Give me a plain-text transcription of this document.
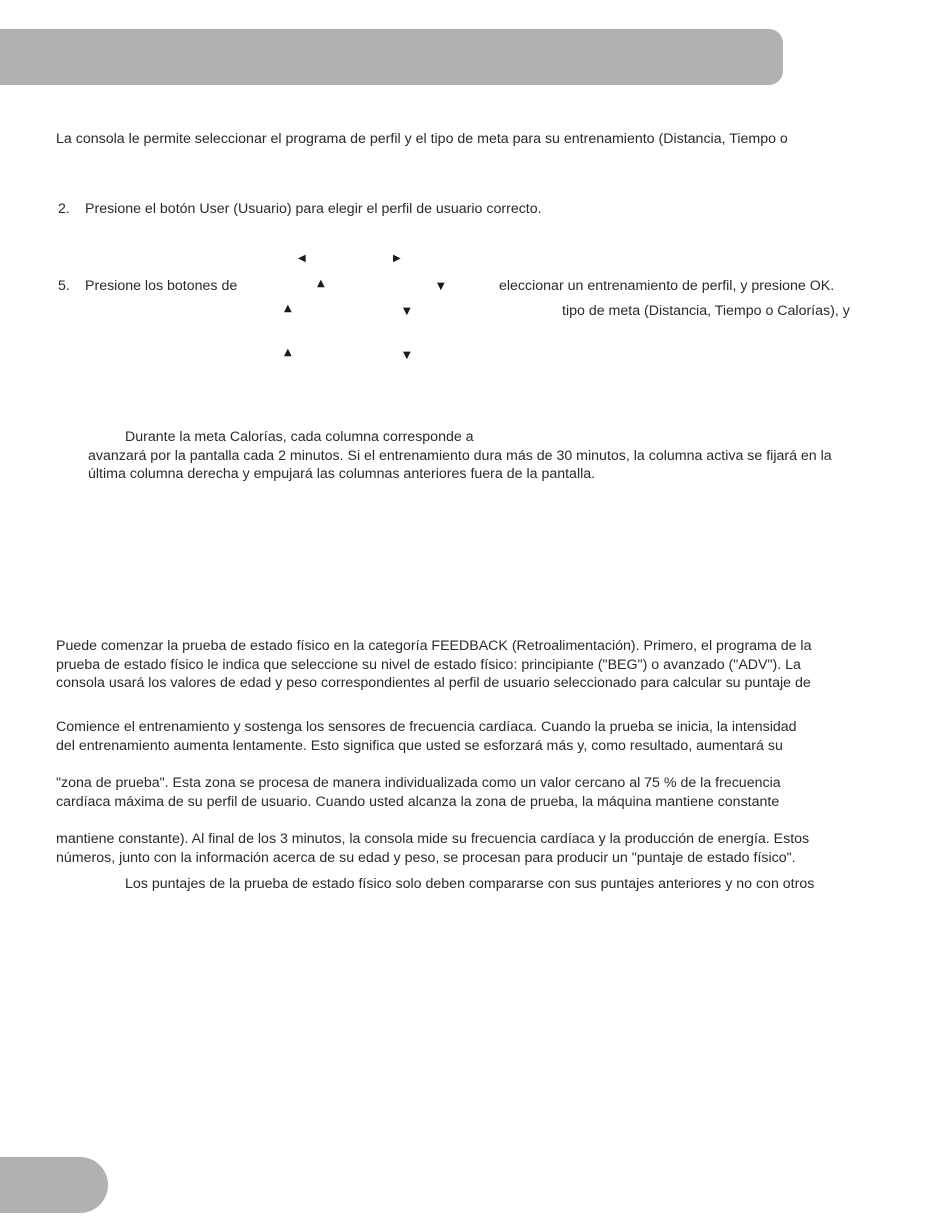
La consola le permite seleccionar el programa de perfil y el tipo de meta para su entrenamiento (Distancia, Tiempo o
2. Presione el botón User (Usuario) para elegir el perfil de usuario correcto.
◀	▶
5. Presione los botones de	▲	▼	eleccionar un entrenamiento de perfil, y presione OK.
▲	▼	tipo de meta (Distancia, Tiempo o Calorías), y
▲	▼
Durante la meta Calorías, cada columna corresponde a
avanzará por la pantalla cada 2 minutos. Si el entrenamiento dura más de 30 minutos, la columna activa se fijará en la
última columna derecha y empujará las columnas anteriores fuera de la pantalla.
Puede comenzar la prueba de estado físico en la categoría FEEDBACK (Retroalimentación). Primero, el programa de la
prueba de estado físico le indica que seleccione su nivel de estado físico: principiante ("BEG") o avanzado ("ADV"). La
consola usará los valores de edad y peso correspondientes al perfil de usuario seleccionado para calcular su puntaje de
Comience el entrenamiento y sostenga los sensores de frecuencia cardíaca. Cuando la prueba se inicia, la intensidad
del entrenamiento aumenta lentamente. Esto significa que usted se esforzará más y, como resultado, aumentará su
"zona de prueba". Esta zona se procesa de manera individualizada como un valor cercano al 75 % de la frecuencia
cardíaca máxima de su perfil de usuario. Cuando usted alcanza la zona de prueba, la máquina mantiene constante
mantiene constante). Al final de los 3 minutos, la consola mide su frecuencia cardíaca y la producción de energía. Estos
números, junto con la información acerca de su edad y peso, se procesan para producir un "puntaje de estado físico".
Los puntajes de la prueba de estado físico solo deben compararse con sus puntajes anteriores y no con otros
